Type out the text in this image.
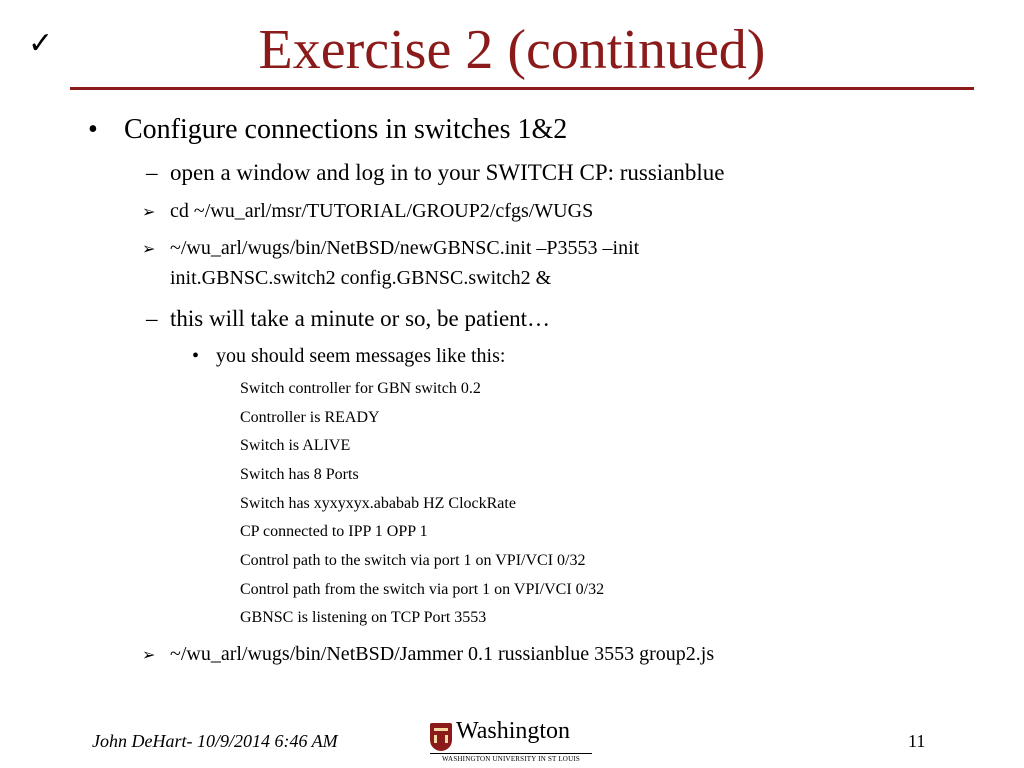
✓	Exercise 2 (continued)
• Configure connections in switches 1&2
– open a window and log in to your SWITCH CP: russianblue
➢ cd ~/wu_arl/msr/TUTORIAL/GROUP2/cfgs/WUGS
➢ ~/wu_arl/wugs/bin/NetBSD/newGBNSC.init –P3553 –init
init.GBNSC.switch2 config.GBNSC.switch2 &
– this will take a minute or so, be patient…
• you should seem messages like this:
Switch controller for GBN switch 0.2
Controller is READY
Switch is ALIVE
Switch has 8 Ports
Switch has xyxyxyx.ababab HZ ClockRate
CP connected to IPP 1 OPP 1
Control path to the switch via port 1 on VPI/VCI 0/32
Control path from the switch via port 1 on VPI/VCI 0/32
GBNSC is listening on TCP Port 3553
➢ ~/wu_arl/wugs/bin/NetBSD/Jammer 0.1 russianblue 3553 group2.js
John DeHart- 10/9/2014 6:46 AM	Washington
WASHINGTON UNIVERSITY IN ST LOUIS
11
